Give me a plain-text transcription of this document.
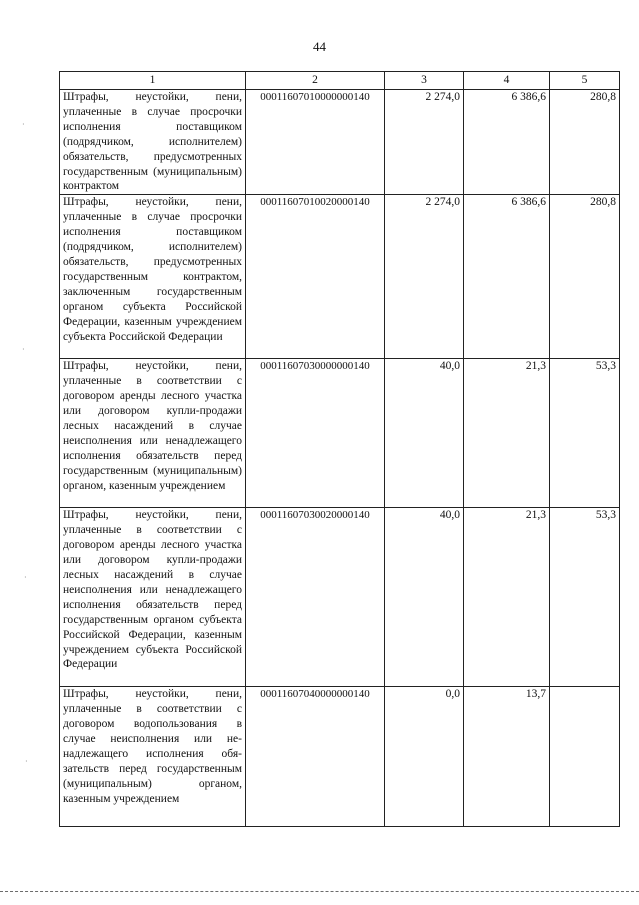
44
1	2	3	4	5
Штрафы, неустойки, пени, уплаченные в случае просрочки исполнения поставщиком (подрядчиком, исполнителем) обязательств, предусмотренных государственным (муниципальным) контрактом	00011607010000000140	2 274,0	6 386,6	280,8
Штрафы, неустойки, пени, уплаченные в случае просрочки исполнения поставщиком (подрядчиком, исполнителем) обязательств, предусмотренных государственным контрактом, заключенным государственным органом субъекта Российской Федерации, казенным учреждением субъекта Российской Федерации	00011607010020000140	2 274,0	6 386,6	280,8
Штрафы, неустойки, пени, уплаченные в соответствии с договором аренды лесного участка или договором купли-продажи лесных насаждений в случае неисполнения или ненадлежащего исполнения обязательств перед государственным (муниципальным) органом, казенным учреждением	00011607030000000140	40,0	21,3	53,3
Штрафы, неустойки, пени, уплаченные в соответствии с договором аренды лесного участка или договором купли-продажи лесных насаждений в случае неисполнения или ненадлежащего исполнения обязательств перед государственным органом субъекта Российской Федерации, казенным учреждением субъекта Российской Федерации	00011607030020000140	40,0	21,3	53,3
Штрафы, неустойки, пени, уплаченные в соответствии с договором водопользования в случае неисполнения или ненадлежащего исполнения обязательств перед государственным (муниципальным) органом, казенным учреждением	00011607040000000140	0,0	13,7	
·
·
·
·
